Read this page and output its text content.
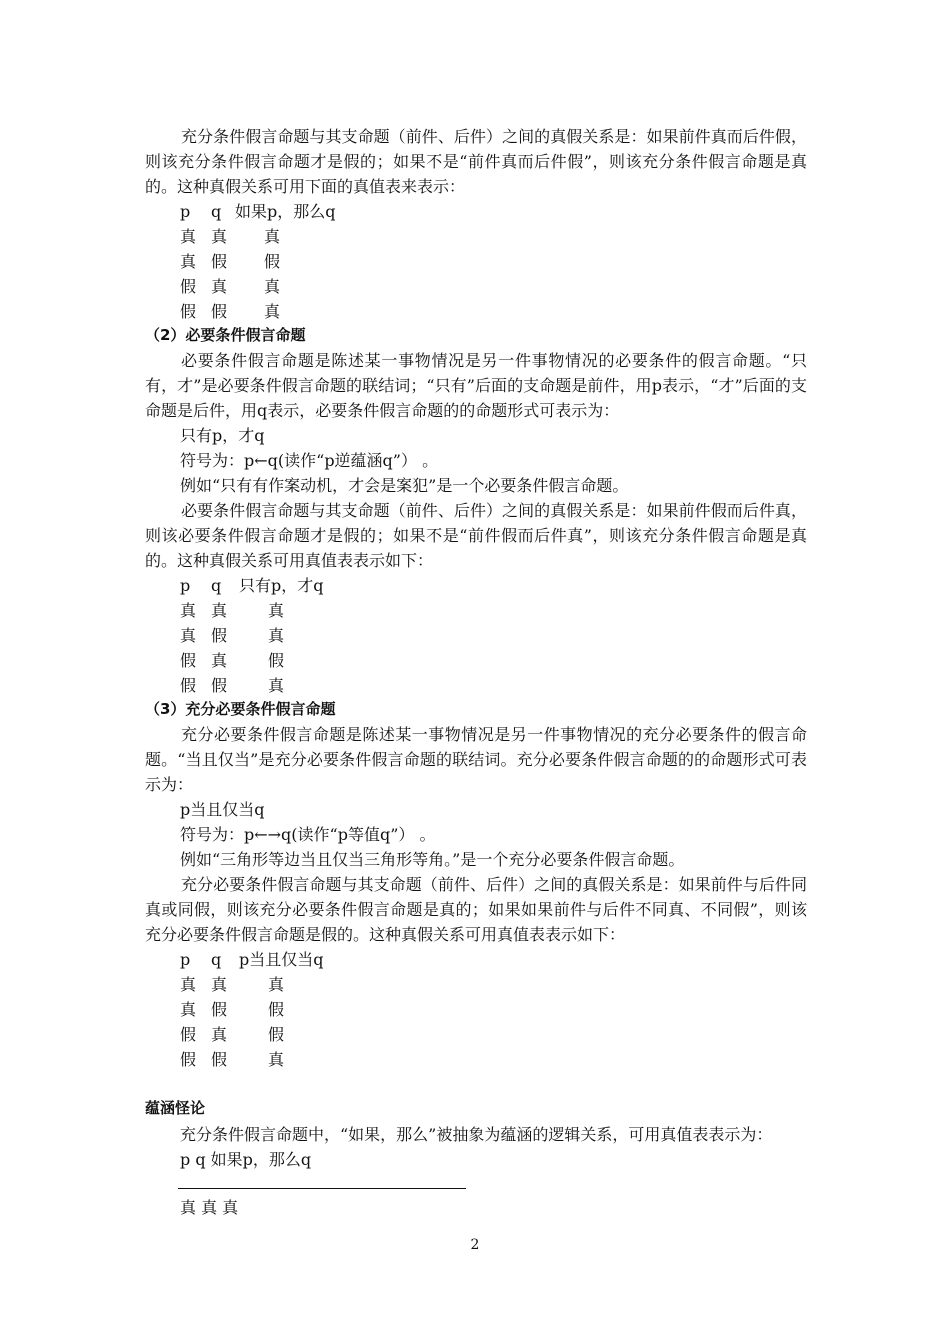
充分条件假言命题与其支命题（前件、后件）之间的真假关系是：如果前件真而后件假，则该充分条件假言命题才是假的；如果不是“前件真而后件假”，则该充分条件假言命题是真的。这种真假关系可用下面的真值表来表示：

p	q	如果p，那么q
真	真	真
真	假	假
假	真	真
假	假	真

（2）必要条件假言命题

必要条件假言命题是陈述某一事物情况是另一件事物情况的必要条件的假言命题。“只有，才”是必要条件假言命题的联结词；“只有”后面的支命题是前件，用p表示，“才”后面的支命题是后件，用q表示，必要条件假言命题的的命题形式可表示为：

只有p，才q

符号为：p←q(读作“p逆蕴涵q”） 。

例如“只有有作案动机，才会是案犯”是一个必要条件假言命题。

必要条件假言命题与其支命题（前件、后件）之间的真假关系是：如果前件假而后件真，则该必要条件假言命题才是假的；如果不是“前件假而后件真”，则该充分条件假言命题是真的。这种真假关系可用真值表表示如下：

p	q	只有p，才q
真	真	真
真	假	真
假	真	假
假	假	真

（3）充分必要条件假言命题

充分必要条件假言命题是陈述某一事物情况是另一件事物情况的充分必要条件的假言命题。“当且仅当”是充分必要条件假言命题的联结词。充分必要条件假言命题的的命题形式可表示为：

p当且仅当q

符号为：p←→q(读作“p等值q”） 。

例如“三角形等边当且仅当三角形等角。”是一个充分必要条件假言命题。

充分必要条件假言命题与其支命题（前件、后件）之间的真假关系是：如果前件与后件同真或同假，则该充分必要条件假言命题是真的；如果如果前件与后件不同真、不同假”，则该充分必要条件假言命题是假的。这种真假关系可用真值表表示如下：

p	q	p当且仅当q
真	真	真
真	假	假
假	真	假
假	假	真

蕴涵怪论

充分条件假言命题中，“如果，那么”被抽象为蕴涵的逻辑关系，可用真值表表示为：

p q 如果p，那么q

真 真 真

2
